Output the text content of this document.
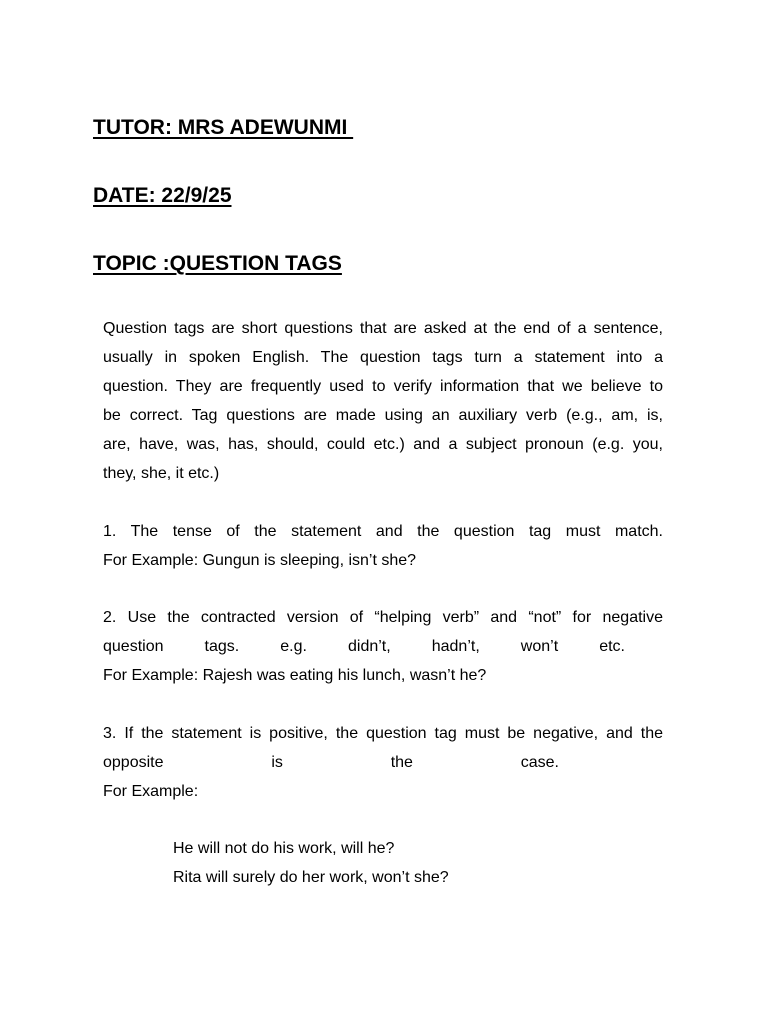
TUTOR: MRS ADEWUNMI

DATE: 22/9/25

TOPIC :QUESTION TAGS

Question tags are short questions that are asked at the end of a sentence,

usually in spoken English. The question tags turn a statement into a

question. They are frequently used to verify information that we believe to

be correct. Tag questions are made using an auxiliary verb (e.g., am, is,

are, have, was, has, should, could etc.) and a subject pronoun (e.g. you,

they, she, it etc.)

1. The tense of the statement and the question tag must match.

For Example: Gungun is sleeping, isn’t she?

2. Use the contracted version of “helping verb” and “not” for negative

question tags. e.g. didn’t, hadn’t, won’t etc.

For Example: Rajesh was eating his lunch, wasn’t he?

3. If the statement is positive, the question tag must be negative, and the

opposite is the case.

For Example:

He will not do his work, will he?

Rita will surely do her work, won’t she?
